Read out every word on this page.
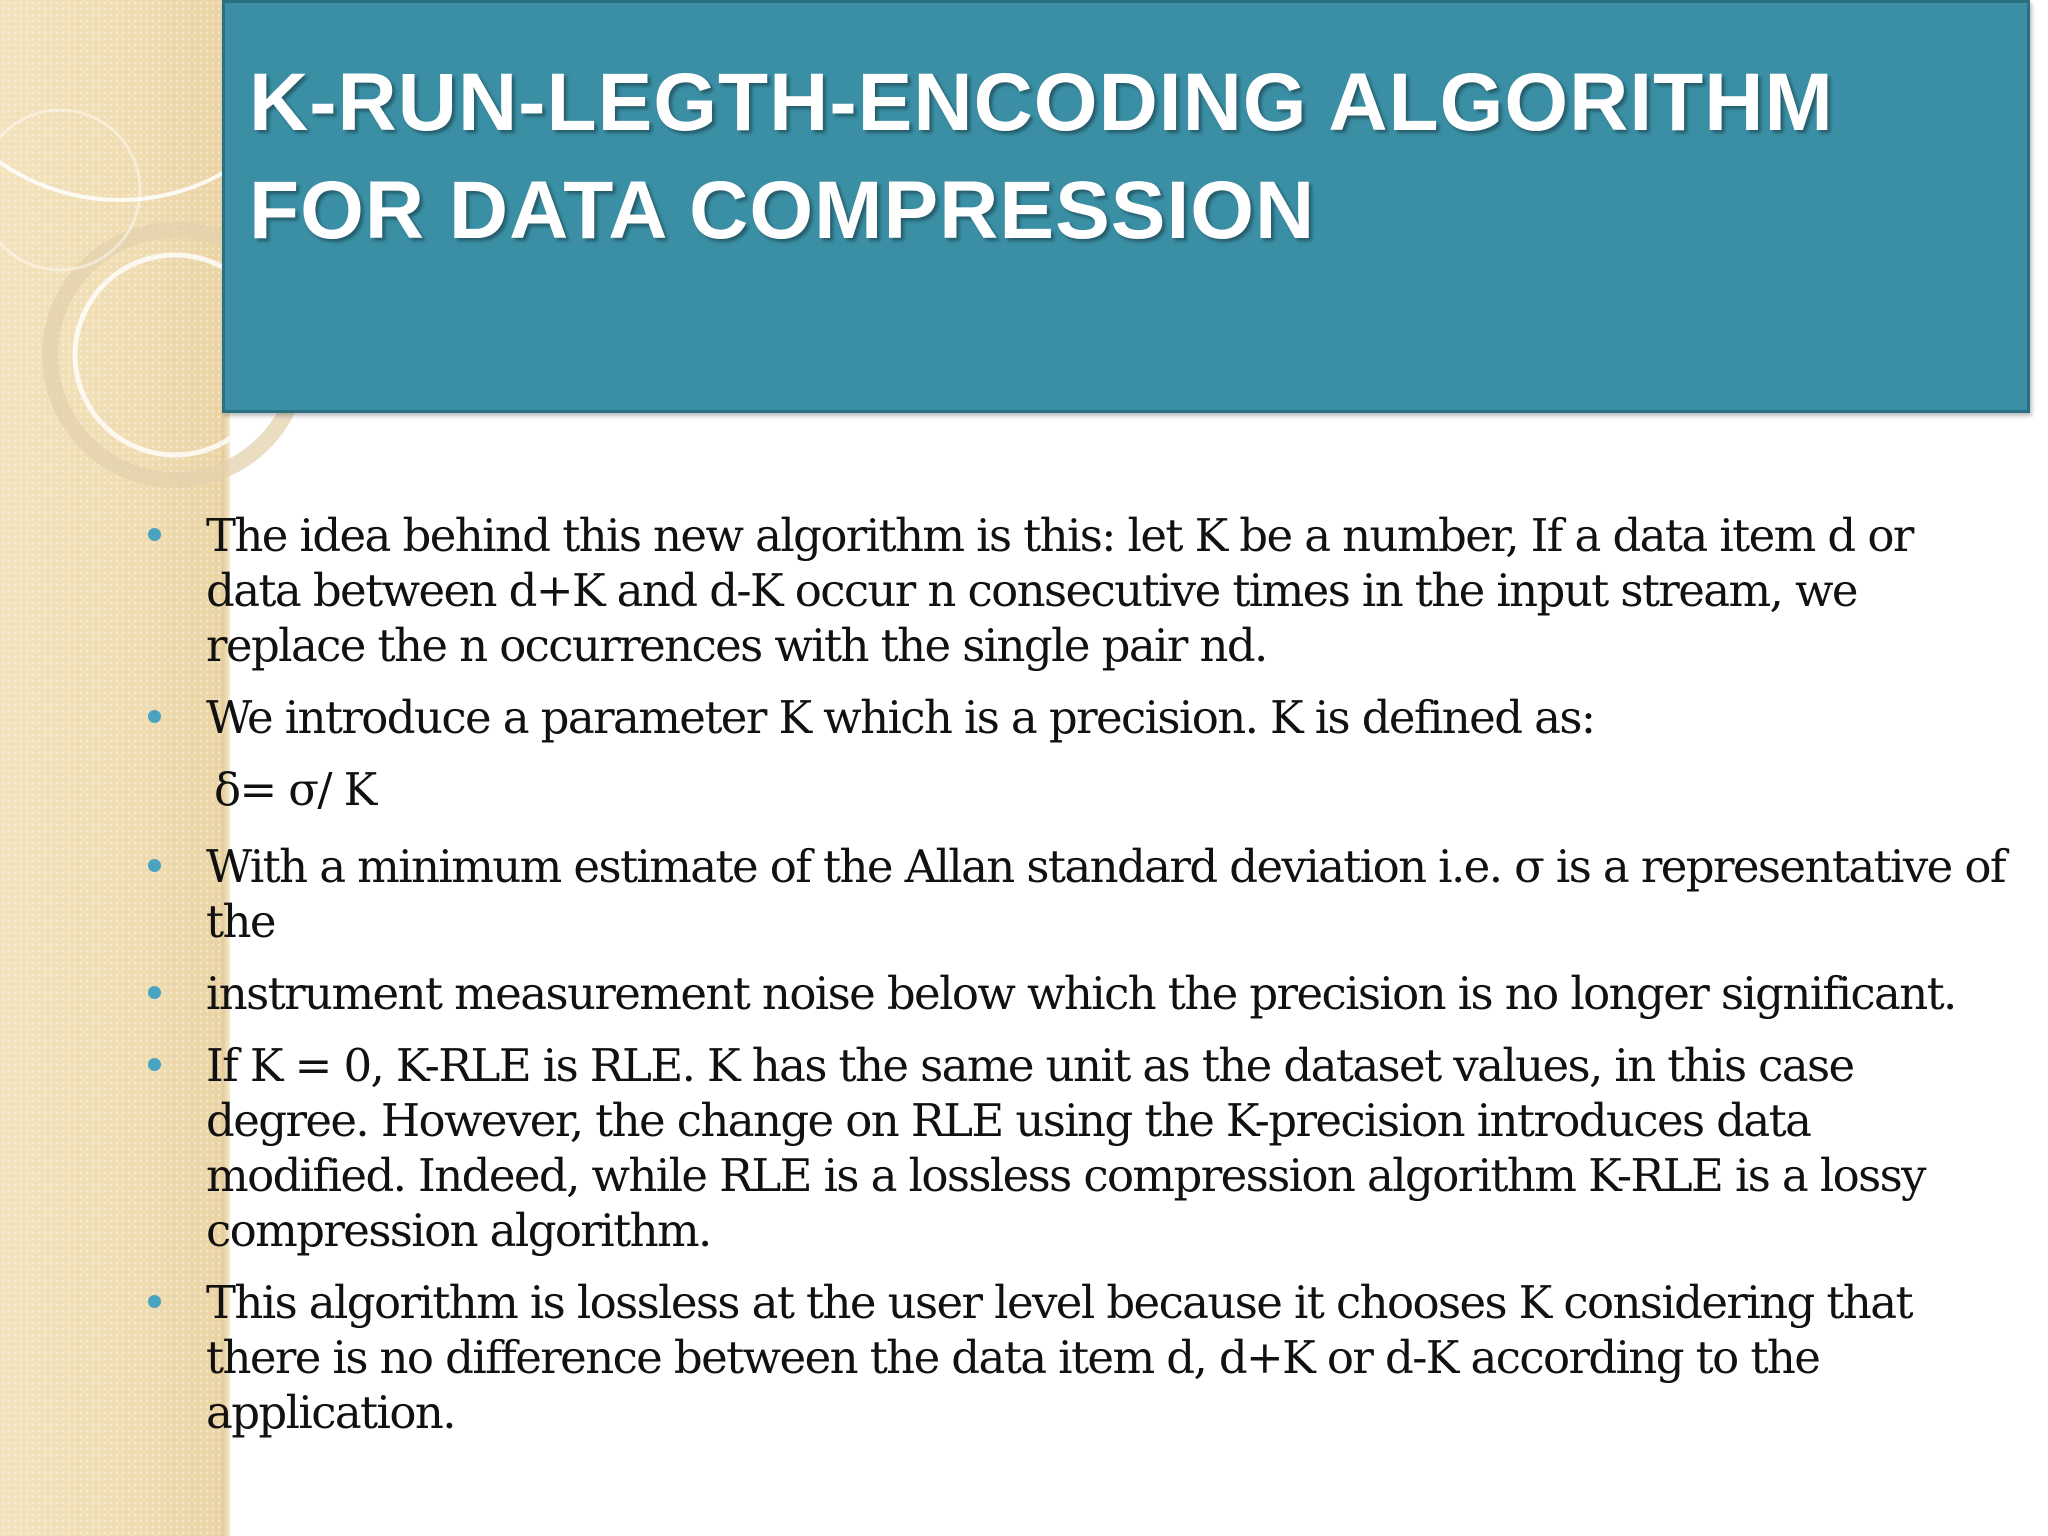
K-RUN-LEGTH-ENCODING ALGORITHM
FOR DATA COMPRESSION
The idea behind this new algorithm is this: let K be a number, If a data item d or data between d+K and d-K occur n consecutive times in the input stream, we replace the n occurrences with the single pair nd.
We introduce a parameter K which is a precision. K is defined as:
δ= σ/ K
With a minimum estimate of the Allan standard deviation i.e. σ is a representative of the
instrument measurement noise below which the precision is no longer significant.
If K = 0, K-RLE is RLE. K has the same unit as the dataset values, in this case degree. However, the change on RLE using the K-precision introduces data modified. Indeed, while RLE is a lossless compression algorithm K-RLE is a lossy compression algorithm.
This algorithm is lossless at the user level because it chooses K considering that there is no difference between the data item d, d+K or d-K according to the application.
